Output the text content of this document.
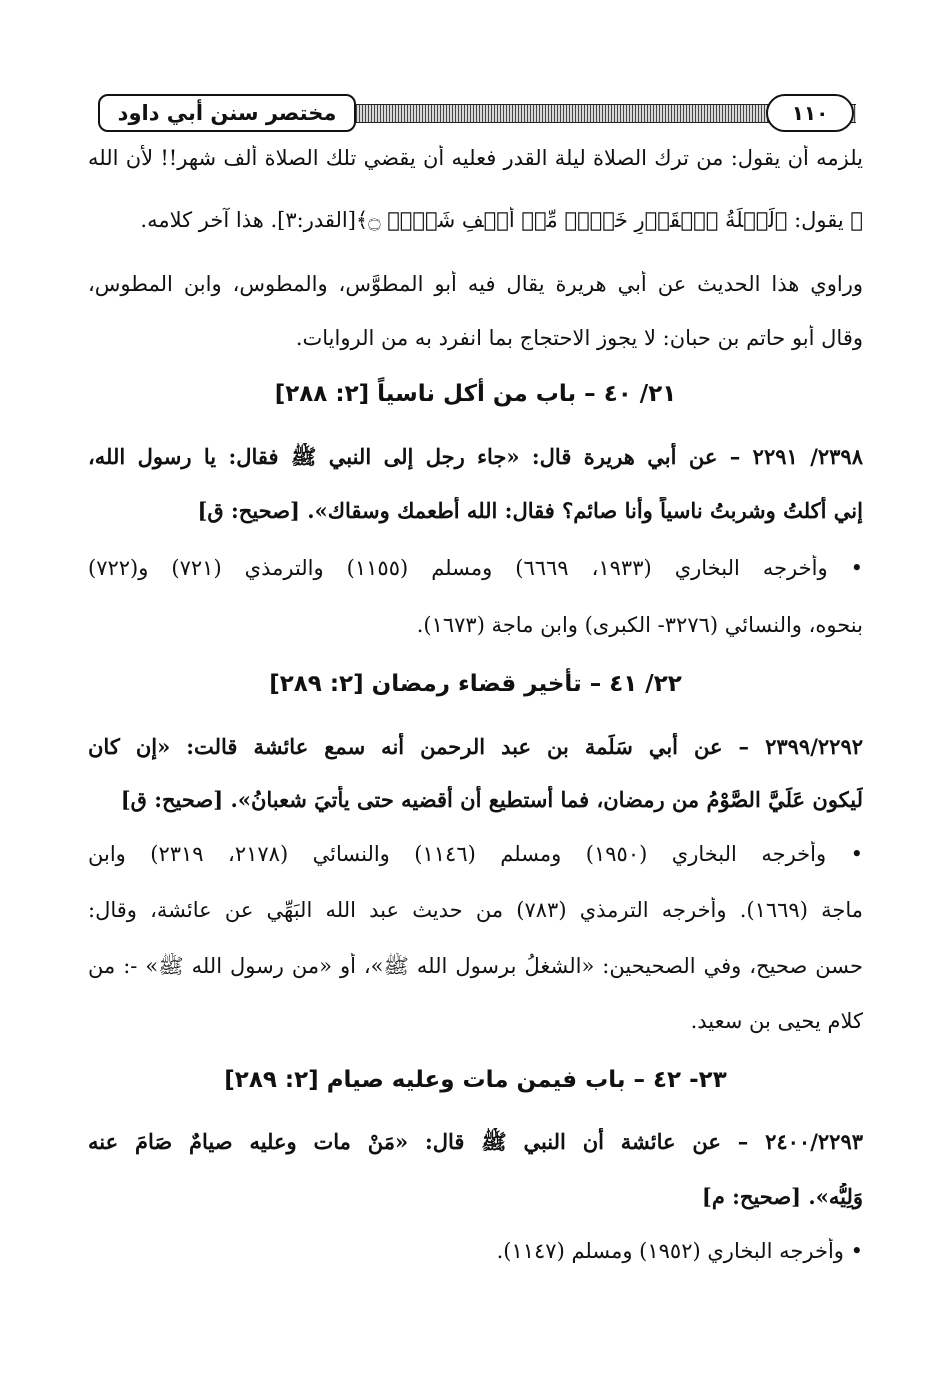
مختصر سنن أبي داود	١١٠
يلزمه أن يقول: من ترك الصلاة ليلة القدر فعليه أن يقضي تلك الصلاة ألف شهر!! لأن الله
ﷻ يقول: ﴿لَيۡلَةُ ٱلۡقَدۡرِ خَيۡرٞ مِّنۡ أَلۡفِ شَهۡرٖ ۝﴾[القدر:٣]. هذا آخر كلامه.
وراوي هذا الحديث عن أبي هريرة يقال فيه أبو المطوَّس، والمطوس، وابن المطوس،
وقال أبو حاتم بن حبان: لا يجوز الاحتجاج بما انفرد به من الروايات.
٢١/ ٤٠ – باب من أكل ناسياً [٢: ٢٨٨]
٢٣٩٨/ ٢٢٩١ – عن أبي هريرة قال: «جاء رجل إلى النبي ﷺ فقال: يا رسول الله،
إني أكلتُ وشربتُ ناسياً وأنا صائم؟ فقال: الله أطعمك وسقاك». [صحيح: ق]
• وأخرجه البخاري (١٩٣٣، ٦٦٦٩) ومسلم (١١٥٥) والترمذي (٧٢١) و(٧٢٢)
بنحوه، والنسائي (٣٢٧٦- الكبرى) وابن ماجة (١٦٧٣).
٢٢/ ٤١ – تأخير قضاء رمضان [٢: ٢٨٩]
٢٣٩٩/٢٢٩٢ – عن أبي سَلَمة بن عبد الرحمن أنه سمع عائشة قالت: «إن كان
لَيكون عَلَيَّ الصَّوْمُ من رمضان، فما أستطيع أن أقضيه حتى يأتيَ شعبانُ». [صحيح: ق]
• وأخرجه البخاري (١٩٥٠) ومسلم (١١٤٦) والنسائي (٢١٧٨، ٢٣١٩) وابن
ماجة (١٦٦٩). وأخرجه الترمذي (٧٨٣) من حديث عبد الله البَهِّي عن عائشة، وقال:
حسن صحيح، وفي الصحيحين: «الشغلُ برسول الله ﷺ»، أو «من رسول الله ﷺ» -: من
كلام يحيى بن سعيد.
٢٣- ٤٢ – باب فيمن مات وعليه صيام [٢: ٢٨٩]
٢٤٠٠/٢٢٩٣ – عن عائشة أن النبي ﷺ قال: «مَنْ مات وعليه صيامٌ صَامَ عنه
وَلِيُّه». [صحيح: م]
• وأخرجه البخاري (١٩٥٢) ومسلم (١١٤٧).
